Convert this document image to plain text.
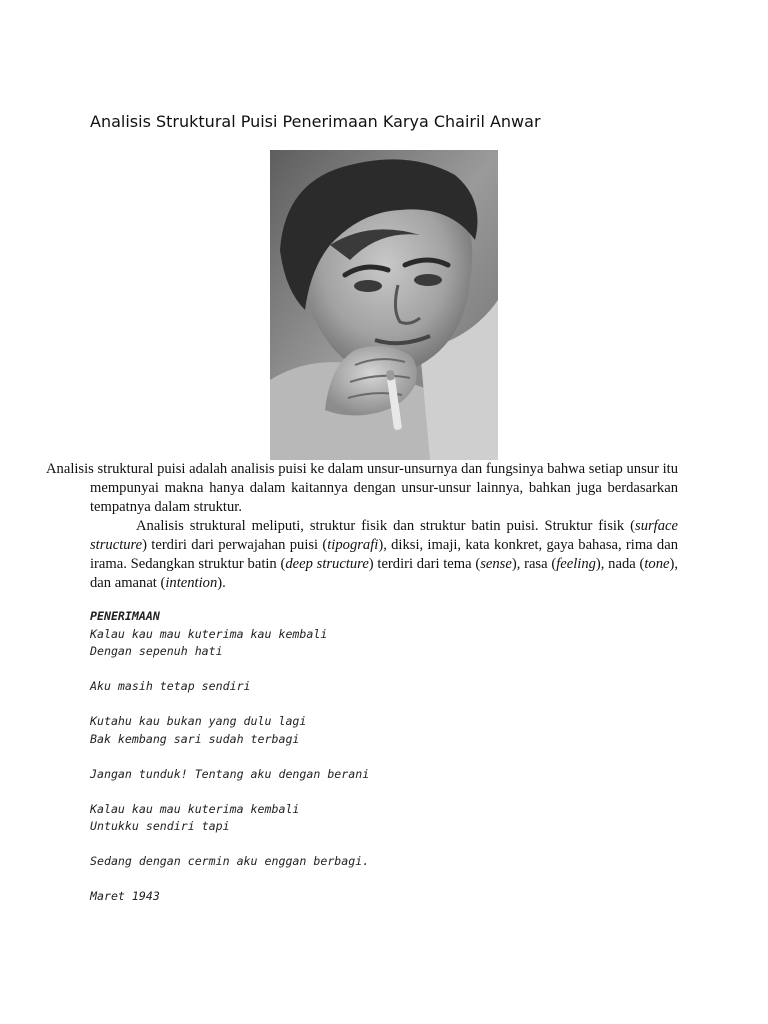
Analisis Struktural Puisi Penerimaan Karya Chairil Anwar

Analisis struktural puisi adalah analisis puisi ke dalam unsur-unsurnya dan fungsinya bahwa setiap unsur itu mempunyai makna hanya dalam kaitannya dengan unsur-unsur lainnya, bahkan juga berdasarkan tempatnya dalam struktur.

Analisis struktural meliputi, struktur fisik dan struktur batin puisi. Struktur fisik (surface structure) terdiri dari perwajahan puisi (tipografi), diksi, imaji, kata konkret, gaya bahasa, rima dan irama. Sedangkan struktur batin (deep structure) terdiri dari tema (sense), rasa (feeling), nada (tone), dan amanat (intention).

PENERIMAAN
Kalau kau mau kuterima kau kembali
Dengan sepenuh hati
Aku masih tetap sendiri
Kutahu kau bukan yang dulu lagi
Bak kembang sari sudah terbagi
Jangan tunduk! Tentang aku dengan berani
Kalau kau mau kuterima kembali
Untukku sendiri tapi
Sedang dengan cermin aku enggan berbagi.
Maret 1943
